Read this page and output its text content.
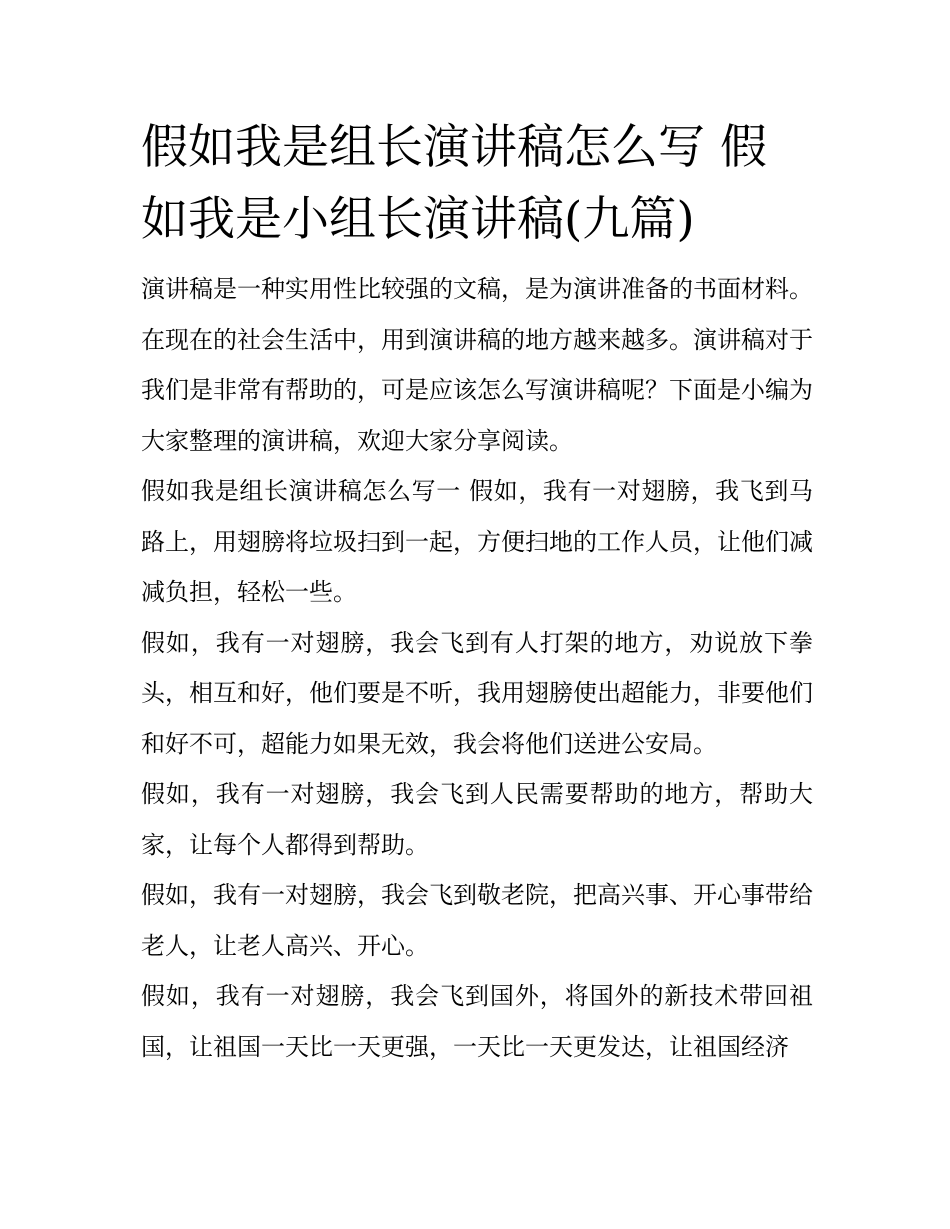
假如我是组长演讲稿怎么写 假如我是小组长演讲稿(九篇)

演讲稿是一种实用性比较强的文稿，是为演讲准备的书面材料。在现在的社会生活中，用到演讲稿的地方越来越多。演讲稿对于我们是非常有帮助的，可是应该怎么写演讲稿呢？下面是小编为大家整理的演讲稿，欢迎大家分享阅读。

假如我是组长演讲稿怎么写一 假如，我有一对翅膀，我飞到马路上，用翅膀将垃圾扫到一起，方便扫地的工作人员，让他们减减负担，轻松一些。

假如，我有一对翅膀，我会飞到有人打架的地方，劝说放下拳头，相互和好，他们要是不听，我用翅膀使出超能力，非要他们和好不可，超能力如果无效，我会将他们送进公安局。

假如，我有一对翅膀，我会飞到人民需要帮助的地方，帮助大家，让每个人都得到帮助。

假如，我有一对翅膀，我会飞到敬老院，把高兴事、开心事带给老人，让老人高兴、开心。

假如，我有一对翅膀，我会飞到国外，将国外的新技术带回祖国，让祖国一天比一天更强，一天比一天更发达，让祖国经济
